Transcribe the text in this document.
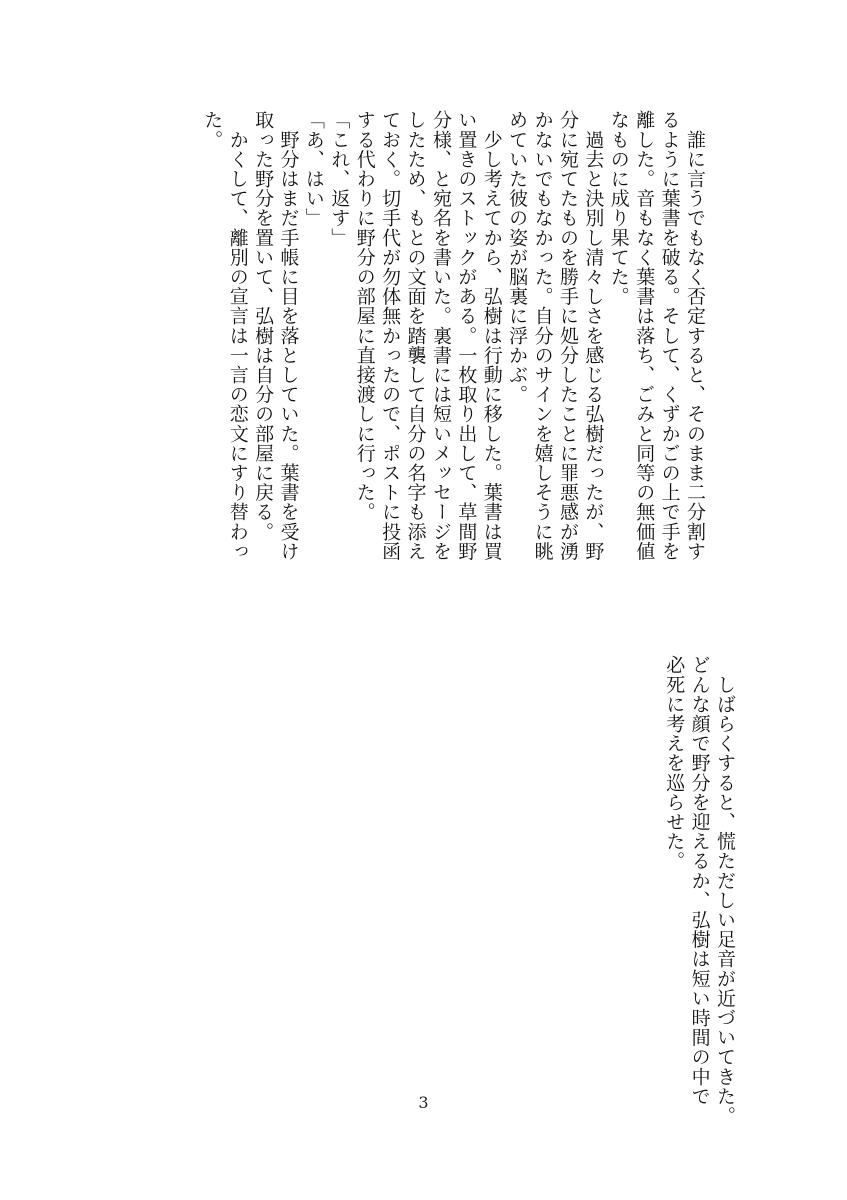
　誰に言うでもなく否定すると、そのまま二分割す
るように葉書を破る。そして、くずかごの上で手を
離した。音もなく葉書は落ち、ごみと同等の無価値
なものに成り果てた。
　過去と決別し清々しさを感じる弘樹だったが、野
分に宛てたものを勝手に処分したことに罪悪感が湧
かないでもなかった。自分のサインを嬉しそうに眺
めていた彼の姿が脳裏に浮かぶ。
　少し考えてから、弘樹は行動に移した。葉書は買
い置きのストックがある。一枚取り出して、草間野
分様、と宛名を書いた。裏書には短いメッセージを
したため、もとの文面を踏襲して自分の名字も添え
ておく。切手代が勿体無かったので、ポストに投函
する代わりに野分の部屋に直接渡しに行った。
「これ、返す」
「あ、はい」
　野分はまだ手帳に目を落としていた。葉書を受け
取った野分を置いて、弘樹は自分の部屋に戻る。
　かくして、離別の宣言は一言の恋文にすり替わっ
た。
　しばらくすると、慌ただしい足音が近づいてきた。
どんな顔で野分を迎えるか、弘樹は短い時間の中で
必死に考えを巡らせた。
3
